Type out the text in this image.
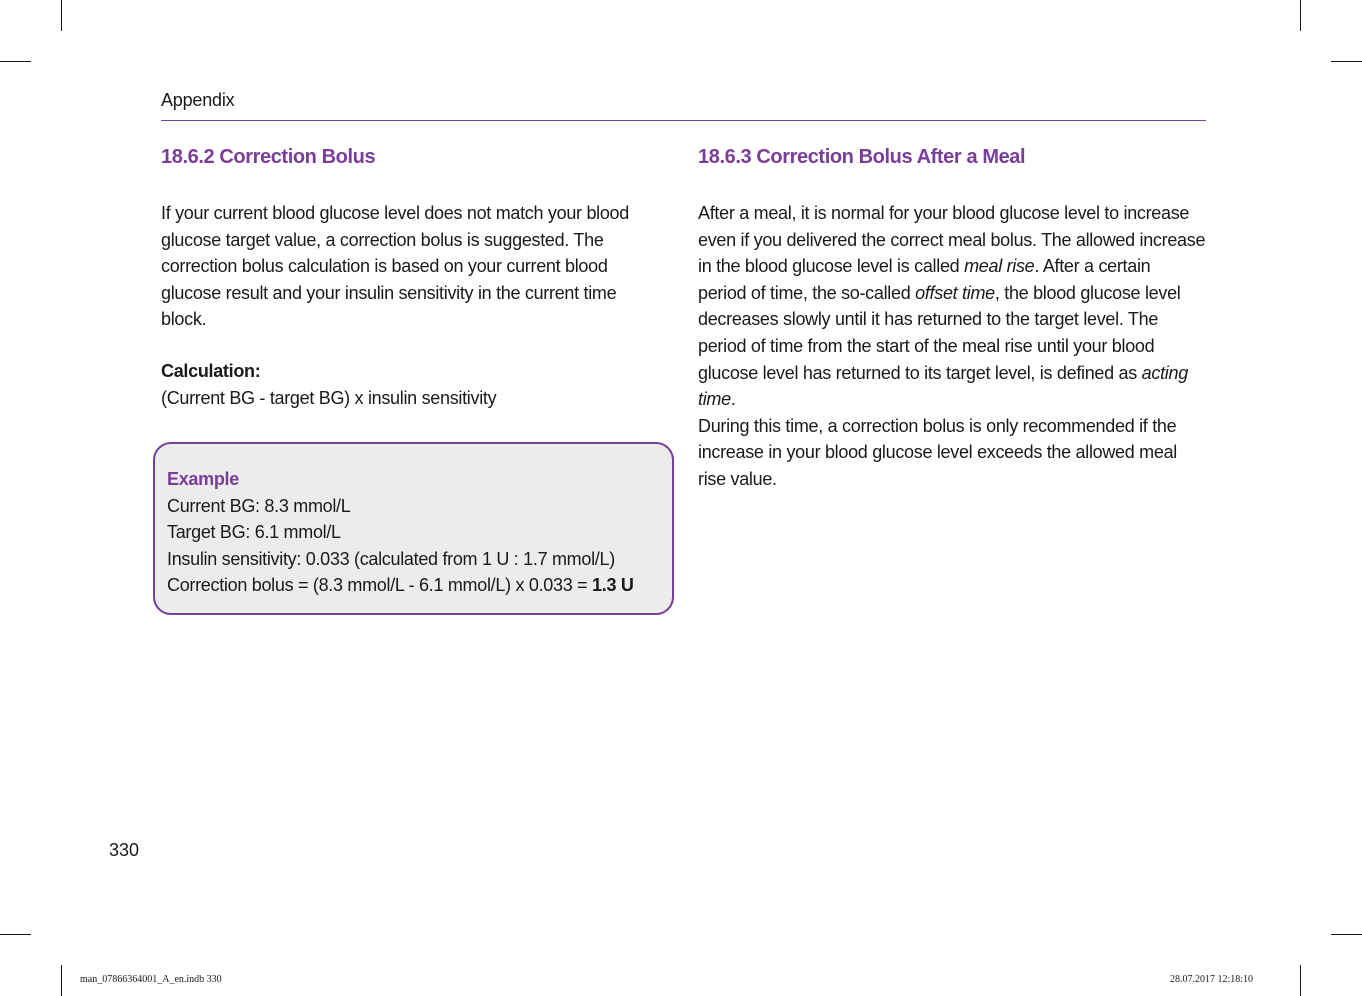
Appendix
18.6.2 Correction Bolus
If your current blood glucose level does not match your blood
glucose target value, a correction bolus is suggested. The
correction bolus calculation is based on your current blood
glucose result and your insulin sensitivity in the current time
block.
Calculation:
(Current BG - target BG) x insulin sensitivity
Example
Current BG: 8.3 mmol/L
Target BG: 6.1 mmol/L
Insulin sensitivity: 0.033 (calculated from 1 U : 1.7 mmol/L)
Correction bolus = (8.3 mmol/L - 6.1 mmol/L) x 0.033 = 1.3 U
18.6.3 Correction Bolus After a Meal
After a meal, it is normal for your blood glucose level to increase
even if you delivered the correct meal bolus. The allowed increase
in the blood glucose level is called meal rise. After a certain
period of time, the so-called offset time, the blood glucose level
decreases slowly until it has returned to the target level. The
period of time from the start of the meal rise until your blood
glucose level has returned to its target level, is defined as acting
time.
During this time, a correction bolus is only recommended if the
increase in your blood glucose level exceeds the allowed meal
rise value.
330
man_07866364001_A_en.indb 330	28.07.2017 12:18:10
